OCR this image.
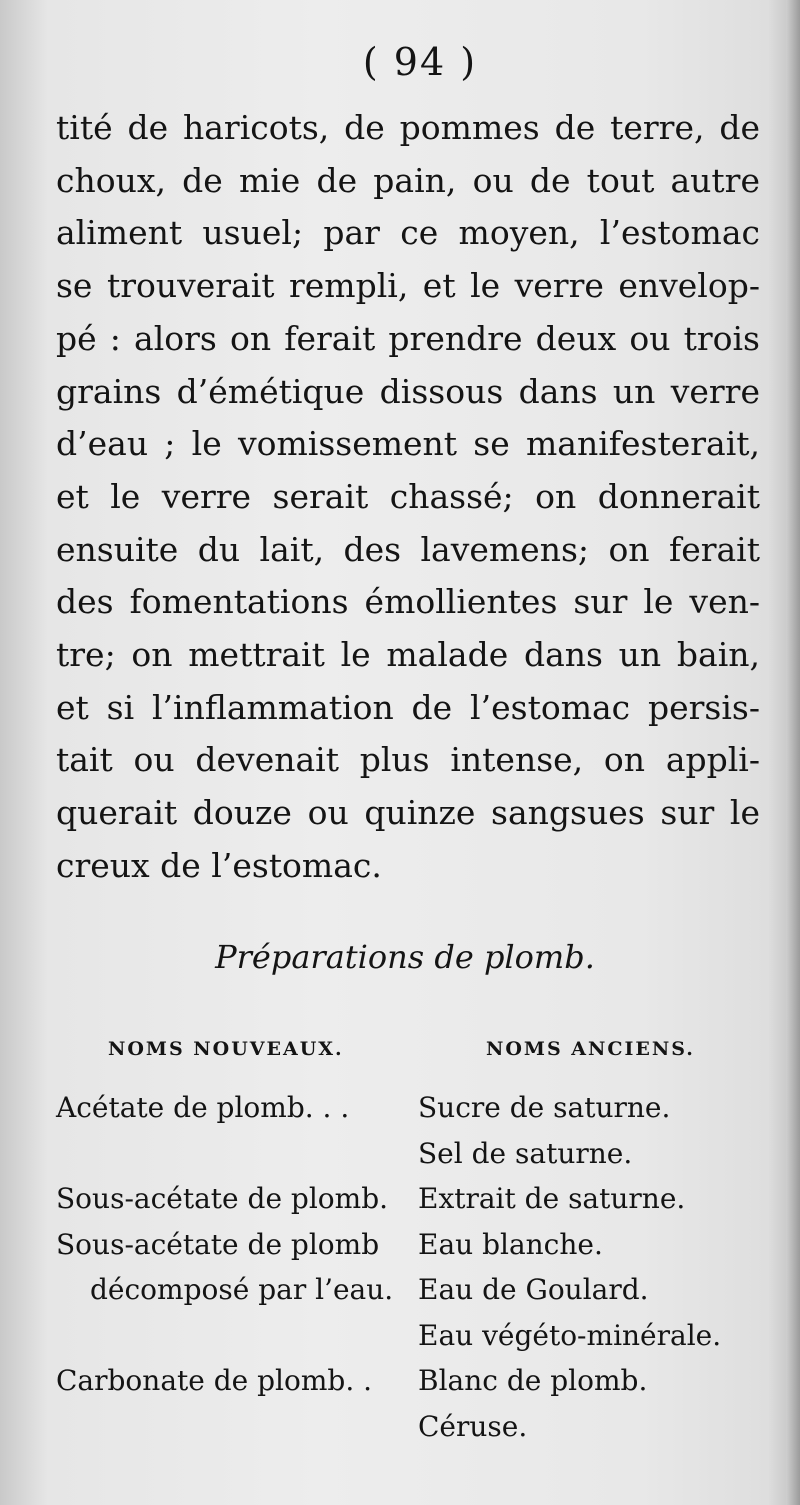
( 94 )
tité de haricots, de pommes de terre, de
choux, de mie de pain, ou de tout autre
aliment usuel; par ce moyen, l’estomac
se trouverait rempli, et le verre envelop-
pé : alors on ferait prendre deux ou trois
grains d’émétique dissous dans un verre
d’eau ; le vomissement se manifesterait,
et le verre serait chassé; on donnerait
ensuite du lait, des lavemens; on ferait
des fomentations émollientes sur le ven-
tre; on mettrait le malade dans un bain,
et si l’inflammation de l’estomac persis-
tait ou devenait plus intense, on appli-
querait douze ou quinze sangsues sur le
creux de l’estomac.
Préparations de plomb.
NOMS NOUVEAUX.	NOMS ANCIENS.
Acétate de plomb. . . Sucre de saturne.
Sel de saturne.
Sous-acétate de plomb. Extrait de saturne.
Sous-acétate de plomb Eau blanche.
décomposé par l’eau. Eau de Goulard.
Eau végéto-minérale.
Carbonate de plomb. . Blanc de plomb.
Céruse.
